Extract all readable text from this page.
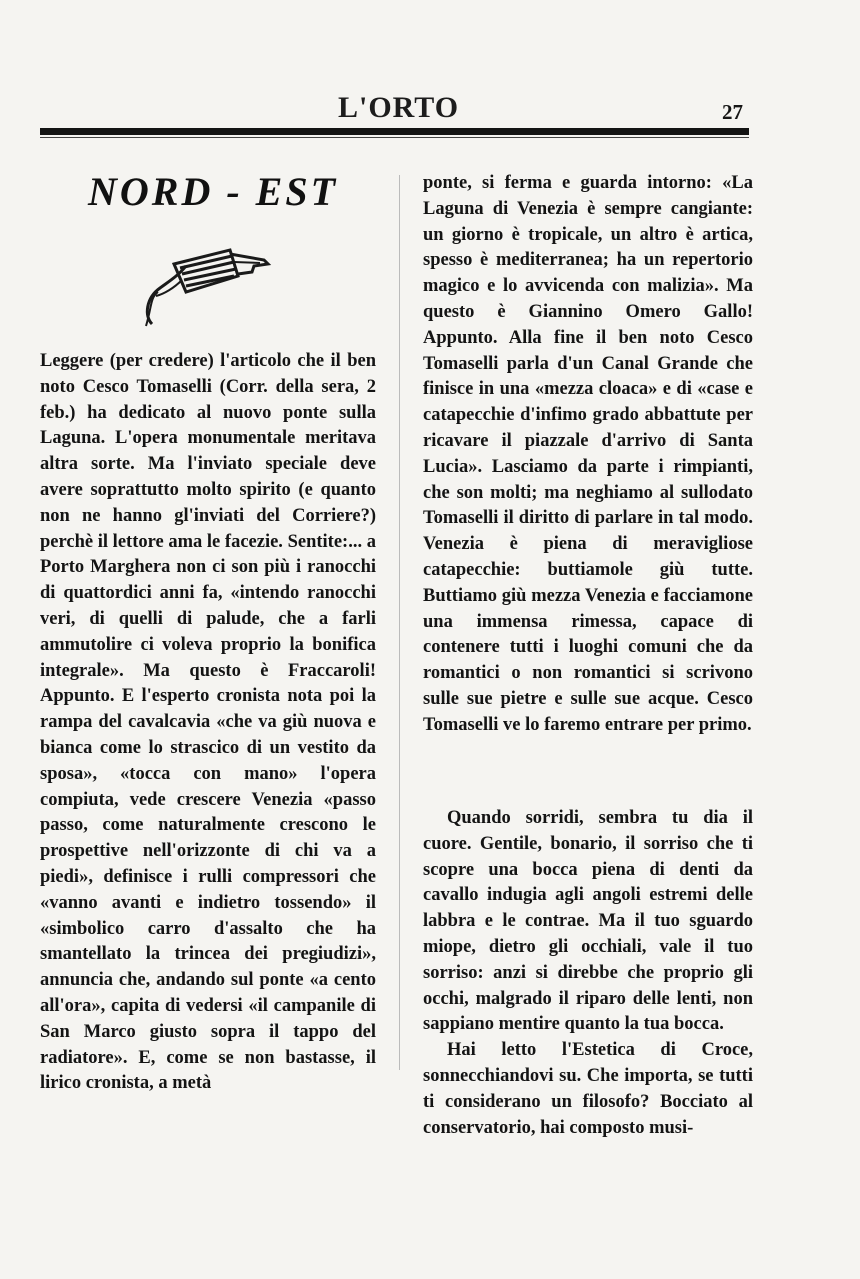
L'ORTO	27
NORD - EST

Leggere (per credere) l'articolo che il ben noto Cesco Tomaselli (Corr. della sera, 2 feb.) ha dedicato al nuovo ponte sulla Laguna. L'opera monumentale meritava altra sorte. Ma l'inviato speciale deve avere soprattutto molto spirito (e quanto non ne hanno gl'inviati del Corriere?) perchè il lettore ama le facezie. Sentite:... a Porto Marghera non ci son più i ranocchi di quattordici anni fa, «intendo ranocchi veri, di quelli di palude, che a farli ammutolire ci voleva proprio la bonifica integrale». Ma questo è Fraccaroli! Appunto. E l'esperto cronista nota poi la rampa del cavalcavia «che va giù nuova e bianca come lo strascico di un vestito da sposa», «tocca con mano» l'opera compiuta, vede crescere Venezia «passo passo, come naturalmente crescono le prospettive nell'orizzonte di chi va a piedi», definisce i rulli compressori che «vanno avanti e indietro tossendo» il «simbolico carro d'assalto che ha smantellato la trincea dei pregiudizi», annuncia che, andando sul ponte «a cento all'ora», capita di vedersi «il campanile di San Marco giusto sopra il tappo del radiatore». E, come se non bastasse, il lirico cronista, a metà

ponte, si ferma e guarda intorno: «La Laguna di Venezia è sempre cangiante: un giorno è tropicale, un altro è artica, spesso è mediterranea; ha un repertorio magico e lo avvicenda con malizia». Ma questo è Giannino Omero Gallo! Appunto. Alla fine il ben noto Cesco Tomaselli parla d'un Canal Grande che finisce in una «mezza cloaca» e di «case e catapecchie d'infimo grado abbattute per ricavare il piazzale d'arrivo di Santa Lucia». Lasciamo da parte i rimpianti, che son molti; ma neghiamo al sullodato Tomaselli il diritto di parlare in tal modo. Venezia è piena di meravigliose catapecchie: buttiamole giù tutte. Buttiamo giù mezza Venezia e facciamone una immensa rimessa, capace di contenere tutti i luoghi comuni che da romantici o non romantici si scrivono sulle sue pietre e sulle sue acque. Cesco Tomaselli ve lo faremo entrare per primo.

Quando sorridi, sembra tu dia il cuore. Gentile, bonario, il sorriso che ti scopre una bocca piena di denti da cavallo indugia agli angoli estremi delle labbra e le contrae. Ma il tuo sguardo miope, dietro gli occhiali, vale il tuo sorriso: anzi si direbbe che proprio gli occhi, malgrado il riparo delle lenti, non sappiano mentire quanto la tua bocca.

Hai letto l'Estetica di Croce, sonnecchiandovi su. Che importa, se tutti ti considerano un filosofo? Bocciato al conservatorio, hai composto musi-
